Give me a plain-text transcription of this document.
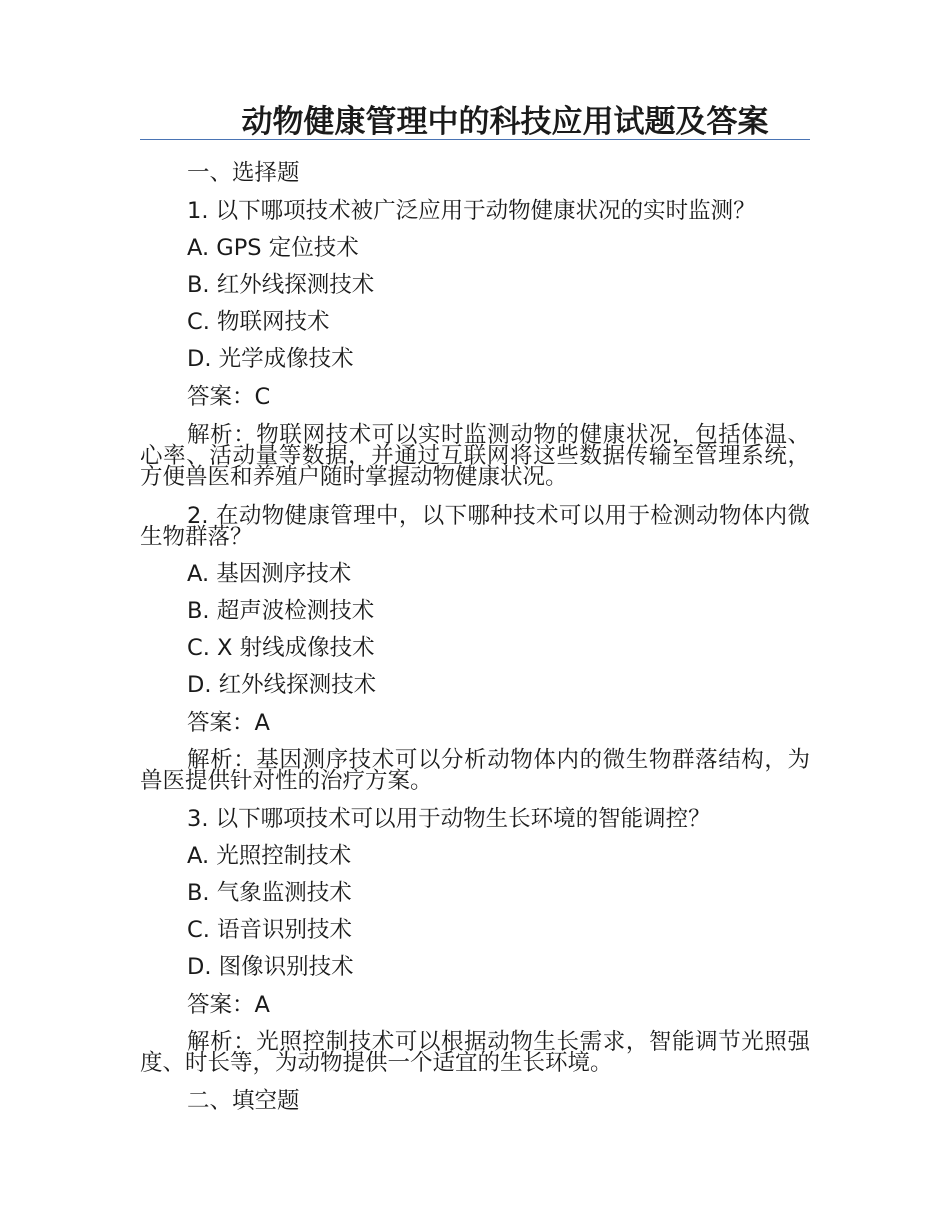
动物健康管理中的科技应用试题及答案
一、选择题
1. 以下哪项技术被广泛应用于动物健康状况的实时监测？
A. GPS 定位技术
B. 红外线探测技术
C. 物联网技术
D. 光学成像技术
答案：C
解析：物联网技术可以实时监测动物的健康状况，包括体温、心率、活动量等数据，并通过互联网将这些数据传输至管理系统，方便兽医和养殖户随时掌握动物健康状况。
2. 在动物健康管理中，以下哪种技术可以用于检测动物体内微生物群落？
A. 基因测序技术
B. 超声波检测技术
C. X 射线成像技术
D. 红外线探测技术
答案：A
解析：基因测序技术可以分析动物体内的微生物群落结构，为兽医提供针对性的治疗方案。
3. 以下哪项技术可以用于动物生长环境的智能调控？
A. 光照控制技术
B. 气象监测技术
C. 语音识别技术
D. 图像识别技术
答案：A
解析：光照控制技术可以根据动物生长需求，智能调节光照强度、时长等，为动物提供一个适宜的生长环境。
二、填空题
